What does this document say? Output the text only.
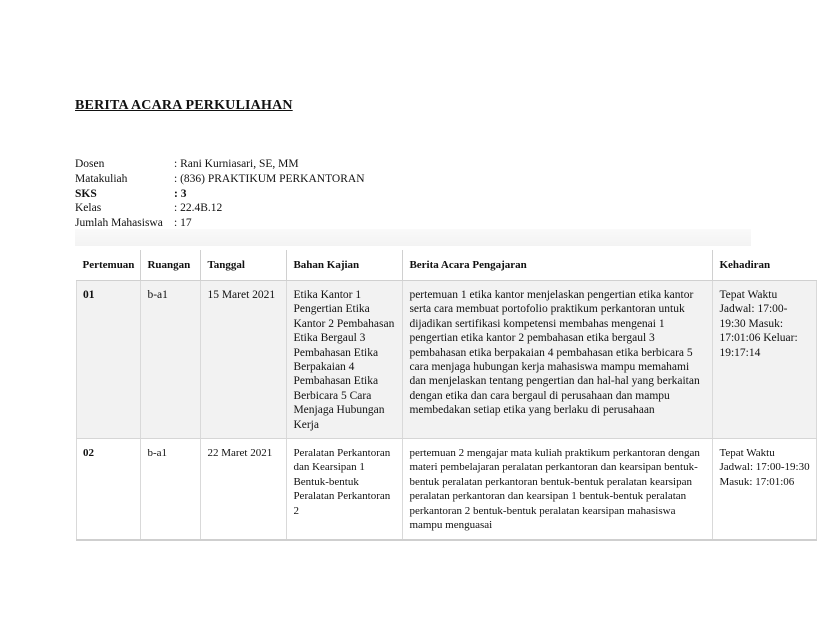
BERITA ACARA PERKULIAHAN
Dosen	: Rani Kurniasari, SE, MM
Matakuliah	: (836) PRAKTIKUM PERKANTORAN
SKS	: 3
Kelas	: 22.4B.12
Jumlah Mahasiswa : 17
Pertemuan	Ruangan	Tanggal	Bahan Kajian	Berita Acara Pengajaran	Kehadiran
01	b-a1	15 Maret 2021	Etika Kantor 1 Pengertian Etika Kantor 2 Pembahasan Etika Bergaul 3 Pembahasan Etika Berpakaian 4 Pembahasan Etika Berbicara 5 Cara Menjaga Hubungan Kerja	pertemuan 1 etika kantor menjelaskan pengertian etika kantor serta cara membuat portofolio praktikum perkantoran untuk dijadikan sertifikasi kompetensi membahas mengenai 1 pengertian etika kantor 2 pembahasan etika bergaul 3 pembahasan etika berpakaian 4 pembahasan etika berbicara 5 cara menjaga hubungan kerja mahasiswa mampu memahami dan menjelaskan tentang pengertian dan hal-hal yang berkaitan dengan etika dan cara bergaul di perusahaan dan mampu membedakan setiap etika yang berlaku di perusahaan	Tepat Waktu Jadwal: 17:00-19:30 Masuk: 17:01:06 Keluar: 19:17:14
02	b-a1	22 Maret 2021	Peralatan Perkantoran dan Kearsipan 1 Bentuk-bentuk Peralatan Perkantoran 2	pertemuan 2 mengajar mata kuliah praktikum perkantoran dengan materi pembelajaran peralatan perkantoran dan kearsipan bentuk-bentuk peralatan perkantoran bentuk-bentuk peralatan kearsipan peralatan perkantoran dan kearsipan 1 bentuk-bentuk peralatan perkantoran 2 bentuk-bentuk peralatan kearsipan mahasiswa mampu menguasai	Tepat Waktu Jadwal: 17:00-19:30 Masuk: 17:01:06
